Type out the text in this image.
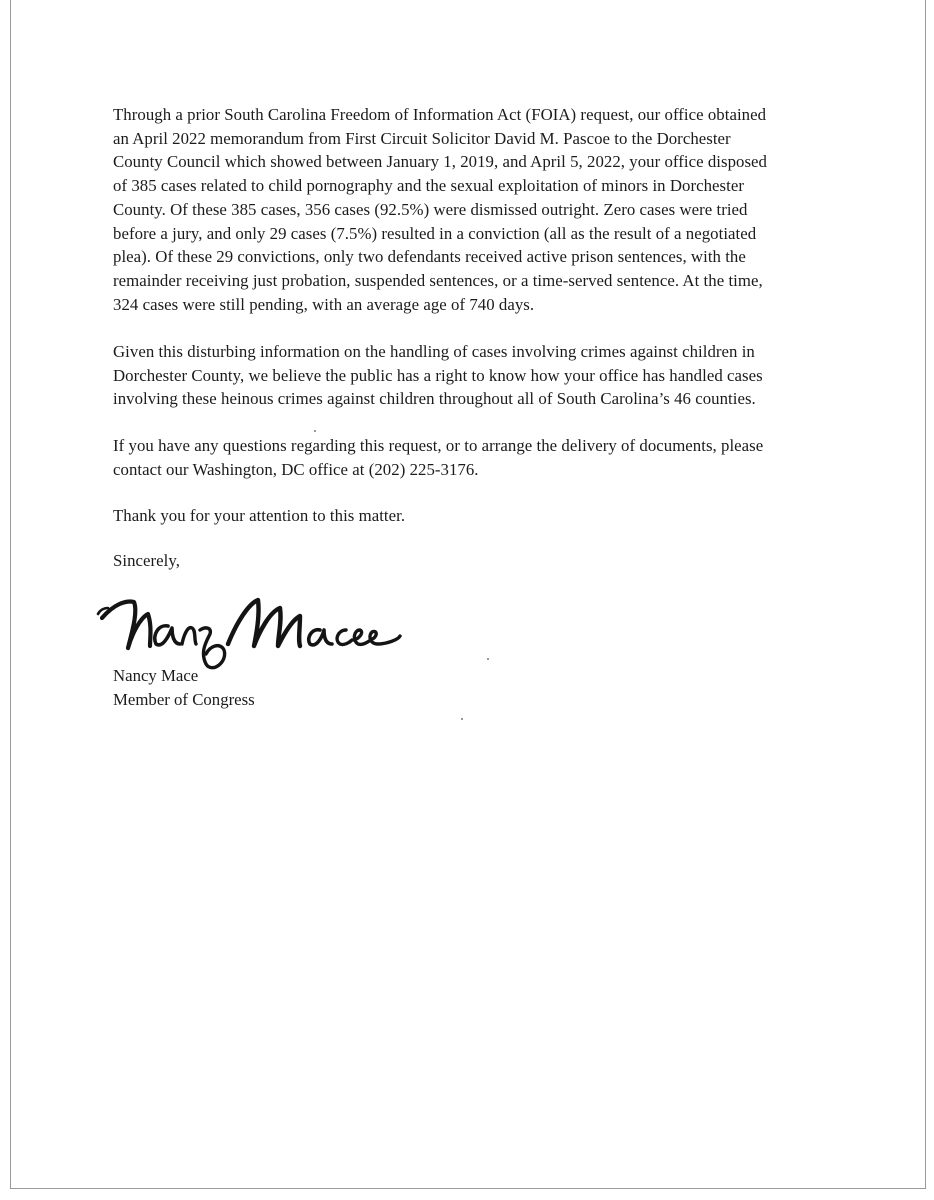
Through a prior South Carolina Freedom of Information Act (FOIA) request, our office obtained
an April 2022 memorandum from First Circuit Solicitor David M. Pascoe to the Dorchester
County Council which showed between January 1, 2019, and April 5, 2022, your office disposed
of 385 cases related to child pornography and the sexual exploitation of minors in Dorchester
County. Of these 385 cases, 356 cases (92.5%) were dismissed outright. Zero cases were tried
before a jury, and only 29 cases (7.5%) resulted in a conviction (all as the result of a negotiated
plea). Of these 29 convictions, only two defendants received active prison sentences, with the
remainder receiving just probation, suspended sentences, or a time-served sentence. At the time,
324 cases were still pending, with an average age of 740 days.

Given this disturbing information on the handling of cases involving crimes against children in
Dorchester County, we believe the public has a right to know how your office has handled cases
involving these heinous crimes against children throughout all of South Carolina’s 46 counties.

If you have any questions regarding this request, or to arrange the delivery of documents, please
contact our Washington, DC office at (202) 225-3176.

Thank you for your attention to this matter.

Sincerely,

Nancy Mace
Member of Congress
